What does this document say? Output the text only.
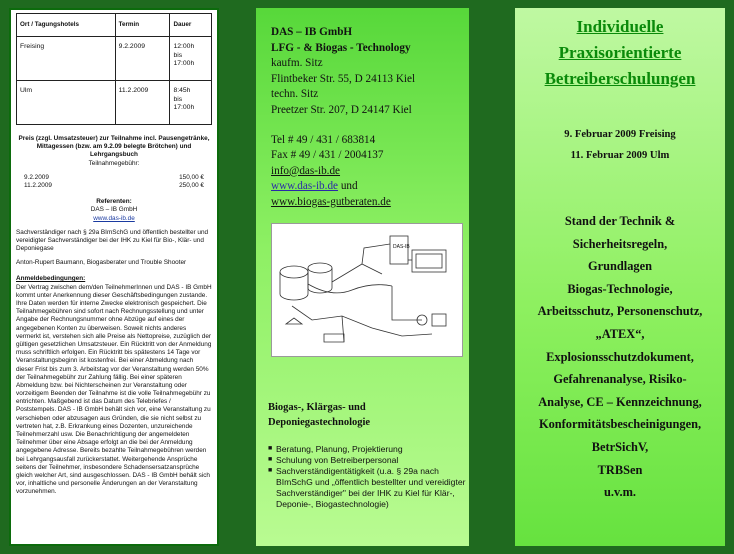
Ort / Tagungshotels	Termin	Dauer
Freising	9.2.2009	12:00h
bis
17:00h

Ulm	11.2.2009	8:45h
bis
17:00h
Preis (zzgl. Umsatzsteuer) zur Teilnahme incl. Pausengetränke, Mittagessen (bzw. am 9.2.09 belegte Brötchen) und Lehrgangsbuch
Teilnahmegebühr:
9.2.2009	150,00 €
11.2.2009	250,00 €
Referenten:
DAS – IB GmbH
www.das-ib.de
Sachverständiger nach § 29a BImSchG und öffentlich bestellter und vereidigter Sachverständiger bei der IHK zu Kiel für Bio-, Klär- und Deponiegase
Anton-Rupert Baumann, Biogasberater und Trouble Shooter
Anmeldebedingungen:
Der Vertrag zwischen dem/den TeilnehmerInnen und DAS - IB GmbH kommt unter Anerkennung dieser Geschäftsbedingungen zustande. Ihre Daten werden für interne Zwecke elektronisch gespeichert. Die Teilnahmegebühren sind sofort nach Rechnungsstellung und unter Angabe der Rechnungsnummer ohne Abzüge auf eines der angegebenen Konten zu überweisen. Soweit nichts anderes vermerkt ist, verstehen sich alle Preise als Nettopreise, zuzüglich der gültigen gesetzlichen Umsatzsteuer. Ein Rücktritt von der Anmeldung muss schriftlich erfolgen. Ein Rücktritt bis spätestens 14 Tage vor Veranstaltungsbeginn ist kostenfrei. Bei einer Abmeldung nach dieser Frist bis zum 3. Arbeitstag vor der Veranstaltung werden 50% der Teilnahmegebühr zur Zahlung fällig. Bei einer späteren Abmeldung bzw. bei Nichterscheinen zur Veranstaltung oder vorzeitigem Beenden der Teilnahme ist die volle Teilnahmegebühr zu entrichten. Maßgebend ist das Datum des Telebriefes / Poststempels. DAS - IB GmbH behält sich vor, eine Veranstaltung zu verschieben oder abzusagen aus Gründen, die sie nicht selbst zu vertreten hat, z.B. Erkrankung eines Dozenten, unzureichende Teilnehmerzahl usw. Die Benachrichtigung der angemeldeten Teilnehmer über eine Absage erfolgt an die bei der Anmeldung angegebene Adresse. Bereits bezahlte Teilnahmegebühren werden bei Lehrgangsausfall zurückerstattet. Weitergehende Ansprüche seitens der Teilnehmer, insbesondere Schadensersatzansprüche gleich welcher Art, sind ausgeschlossen. DAS - IB GmbH behält sich vor, inhaltliche und personelle Änderungen an der Veranstaltung vorzunehmen.
DAS – IB GmbH
LFG - & Biogas - Technology
kaufm. Sitz
Flintbeker Str. 55, D 24113 Kiel
techn. Sitz
Preetzer Str. 207, D 24147 Kiel
Tel # 49 / 431 / 683814
Fax # 49 / 431 / 2004137
info@das-ib.de
www.das-ib.de und
www.biogas-gutberaten.de
DAS-IB
Biogas-, Klärgas- und Deponiegastechnologie
■ Beratung, Planung, Projektierung
■ Schulung von Betreiberpersonal
■ Sachverständigentätigkeit (u.a. § 29a nach BImSchG und „öffentlich bestellter und vereidigter Sachverständiger" bei der IHK zu Kiel für Klär-, Deponie-, Biogastechnologie)
Individuelle
Praxisorientierte
Betreiberschulungen
9. Februar 2009 Freising
11. Februar 2009 Ulm
Stand der Technik &
Sicherheitsregeln,
Grundlagen
Biogas-Technologie,
Arbeitsschutz, Personenschutz,
„ATEX“,
Explosionsschutzdokument,
Gefahrenanalyse, Risiko-
Analyse, CE – Kennzeichnung,
Konformitätsbescheinigungen,
BetrSichV,
TRBSen
u.v.m.
